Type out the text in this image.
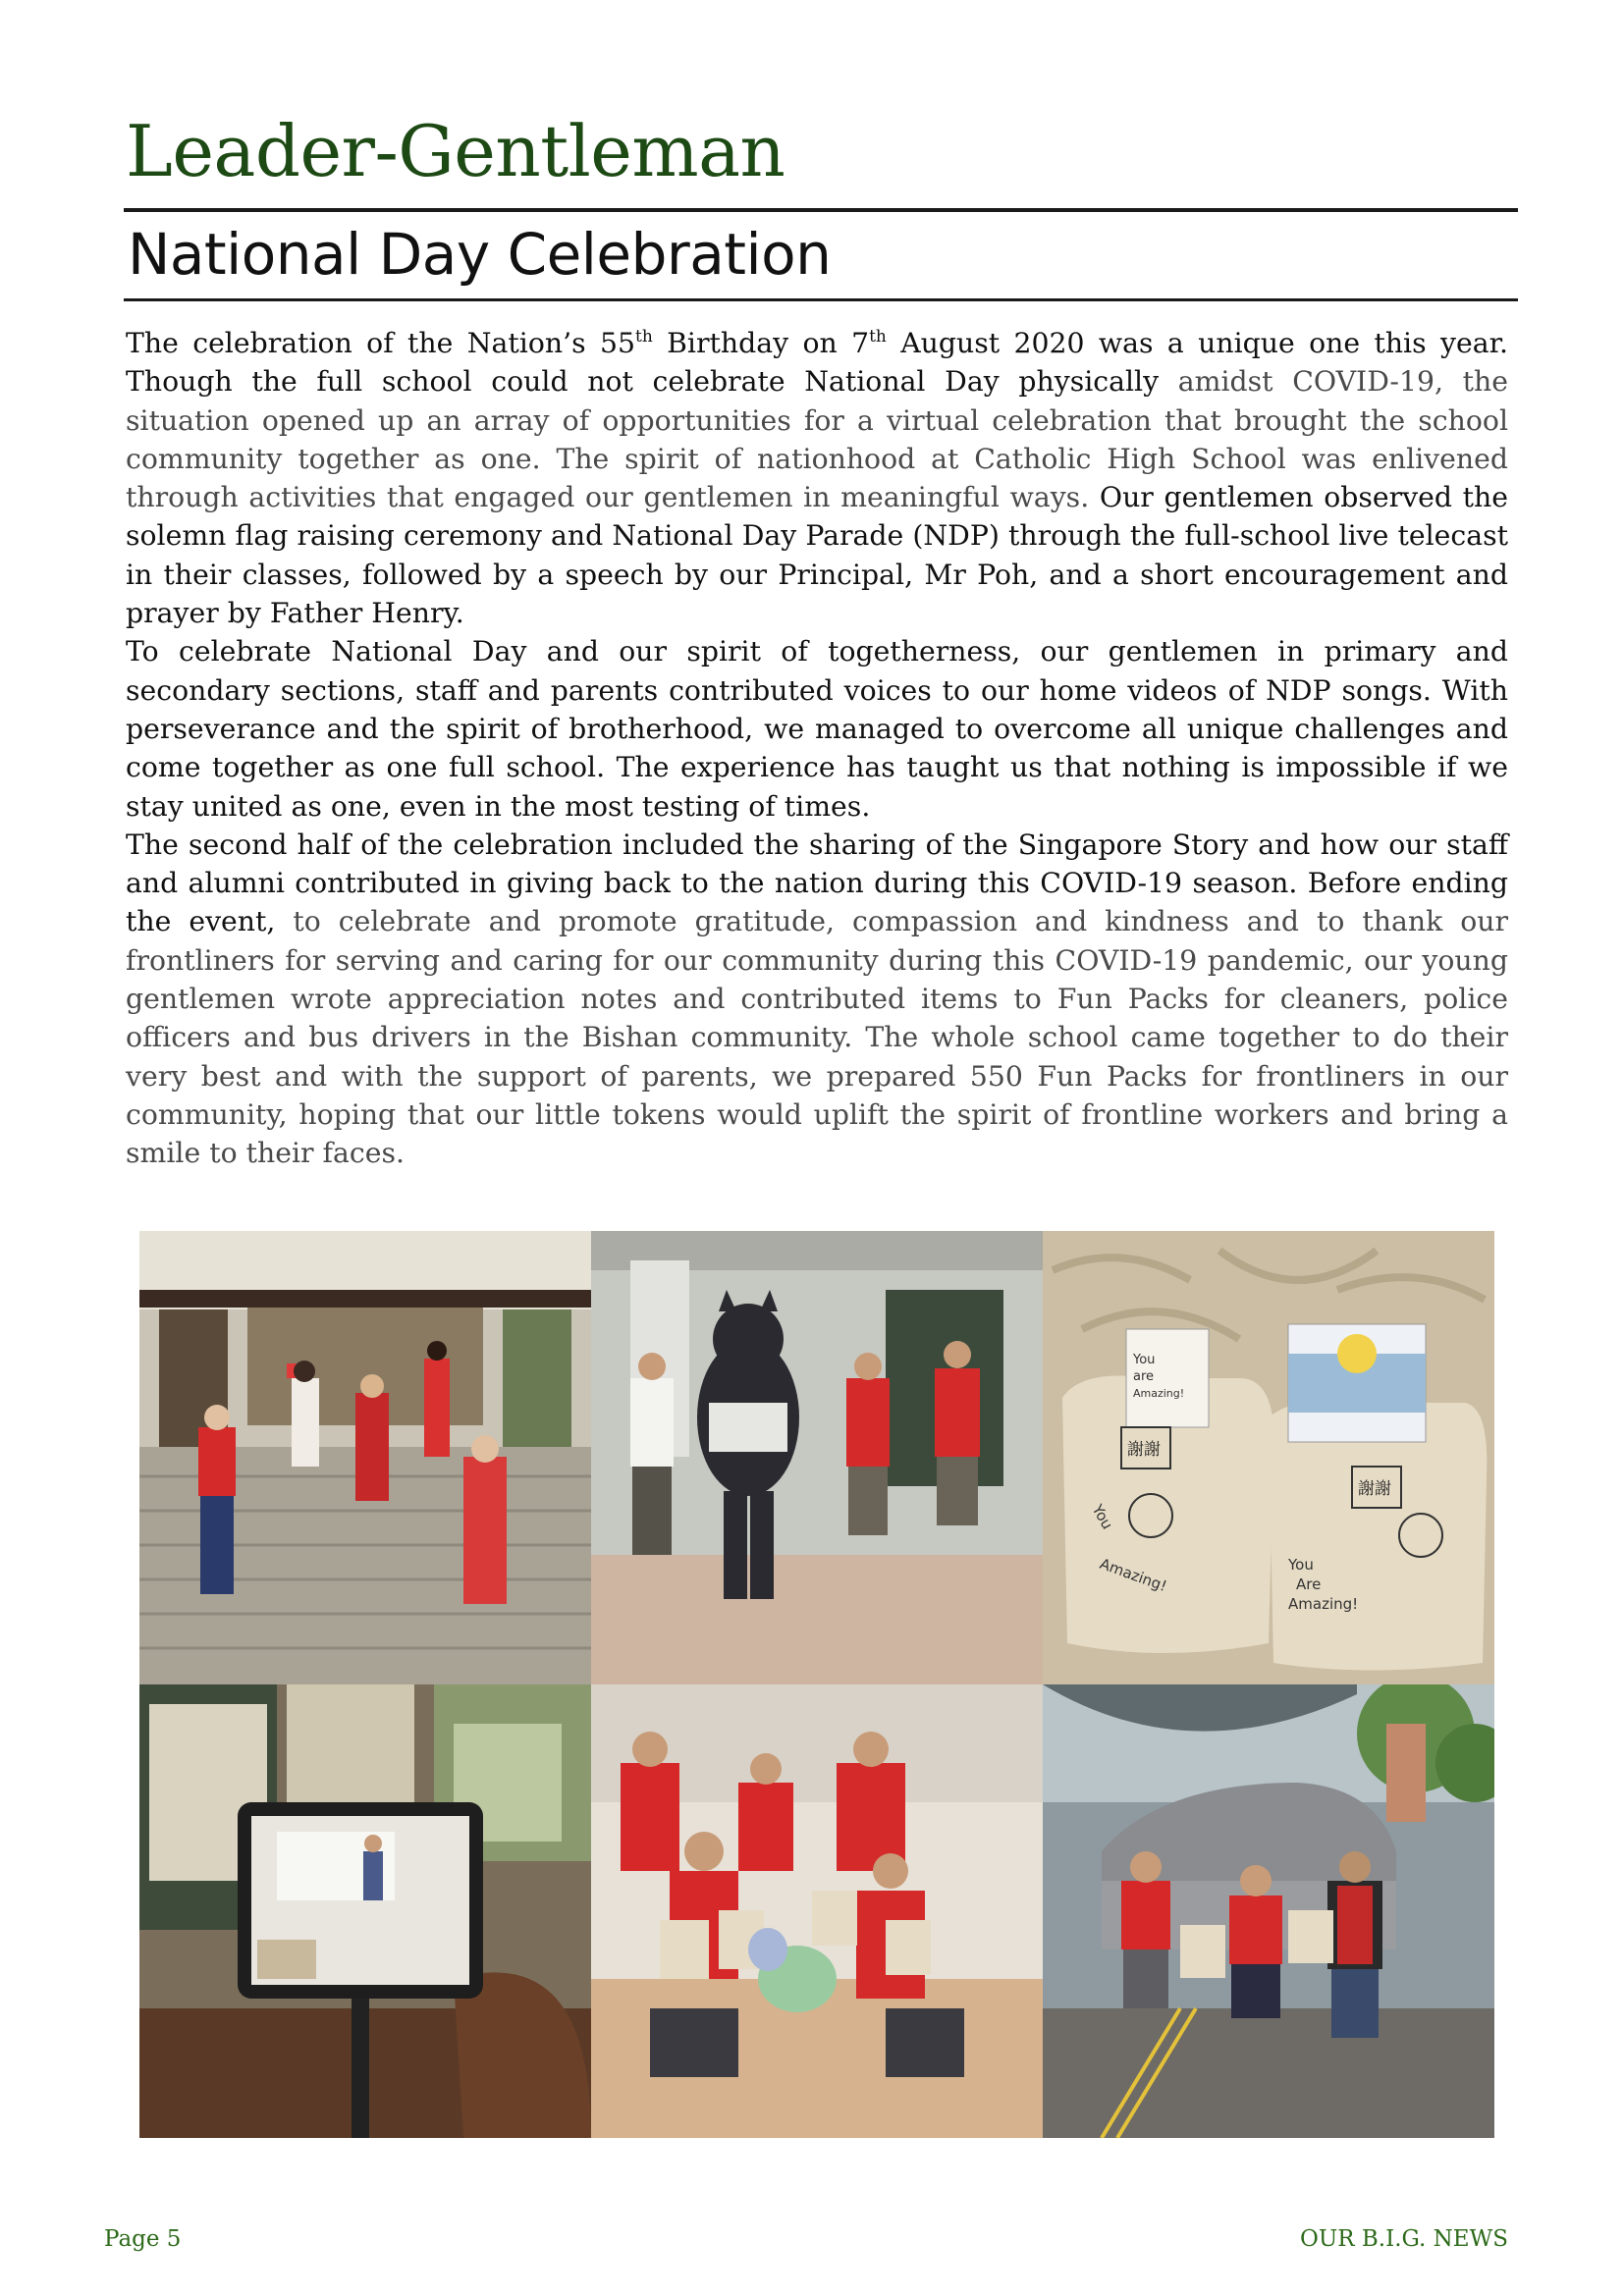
Leader-Gentleman
National Day Celebration

The celebration of the Nation’s 55th Birthday on 7th August 2020 was a unique one this year. Though the full school could not celebrate National Day physically amidst COVID-19, the situation opened up an array of opportunities for a virtual celebration that brought the school community together as one. The spirit of nationhood at Catholic High School was enlivened through activities that engaged our gentlemen in meaningful ways. Our gentlemen observed the solemn flag raising ceremony and National Day Parade (NDP) through the full-school live telecast in their classes, followed by a speech by our Principal, Mr Poh, and a short encouragement and prayer by Father Henry.

To celebrate National Day and our spirit of togetherness, our gentlemen in primary and secondary sections, staff and parents contributed voices to our home videos of NDP songs. With perseverance and the spirit of brotherhood, we managed to overcome all unique challenges and come together as one full school. The experience has taught us that nothing is impossible if we stay united as one, even in the most testing of times.

The second half of the celebration included the sharing of the Singapore Story and how our staff and alumni contributed in giving back to the nation during this COVID-19 season. Before ending the event, to celebrate and promote gratitude, compassion and kindness and to thank our frontliners for serving and caring for our community during this COVID-19 pandemic, our young gentlemen wrote appreciation notes and contributed items to Fun Packs for cleaners, police officers and bus drivers in the Bishan community. The whole school came together to do their very best and with the support of parents, we prepared 550 Fun Packs for frontliners in our community, hoping that our little tokens would uplift the spirit of frontline workers and bring a smile to their faces.

You
are
Amazing!
謝謝
You
Amazing!
謝謝
You
Are
Amazing!
Page 5	OUR B.I.G. NEWS
